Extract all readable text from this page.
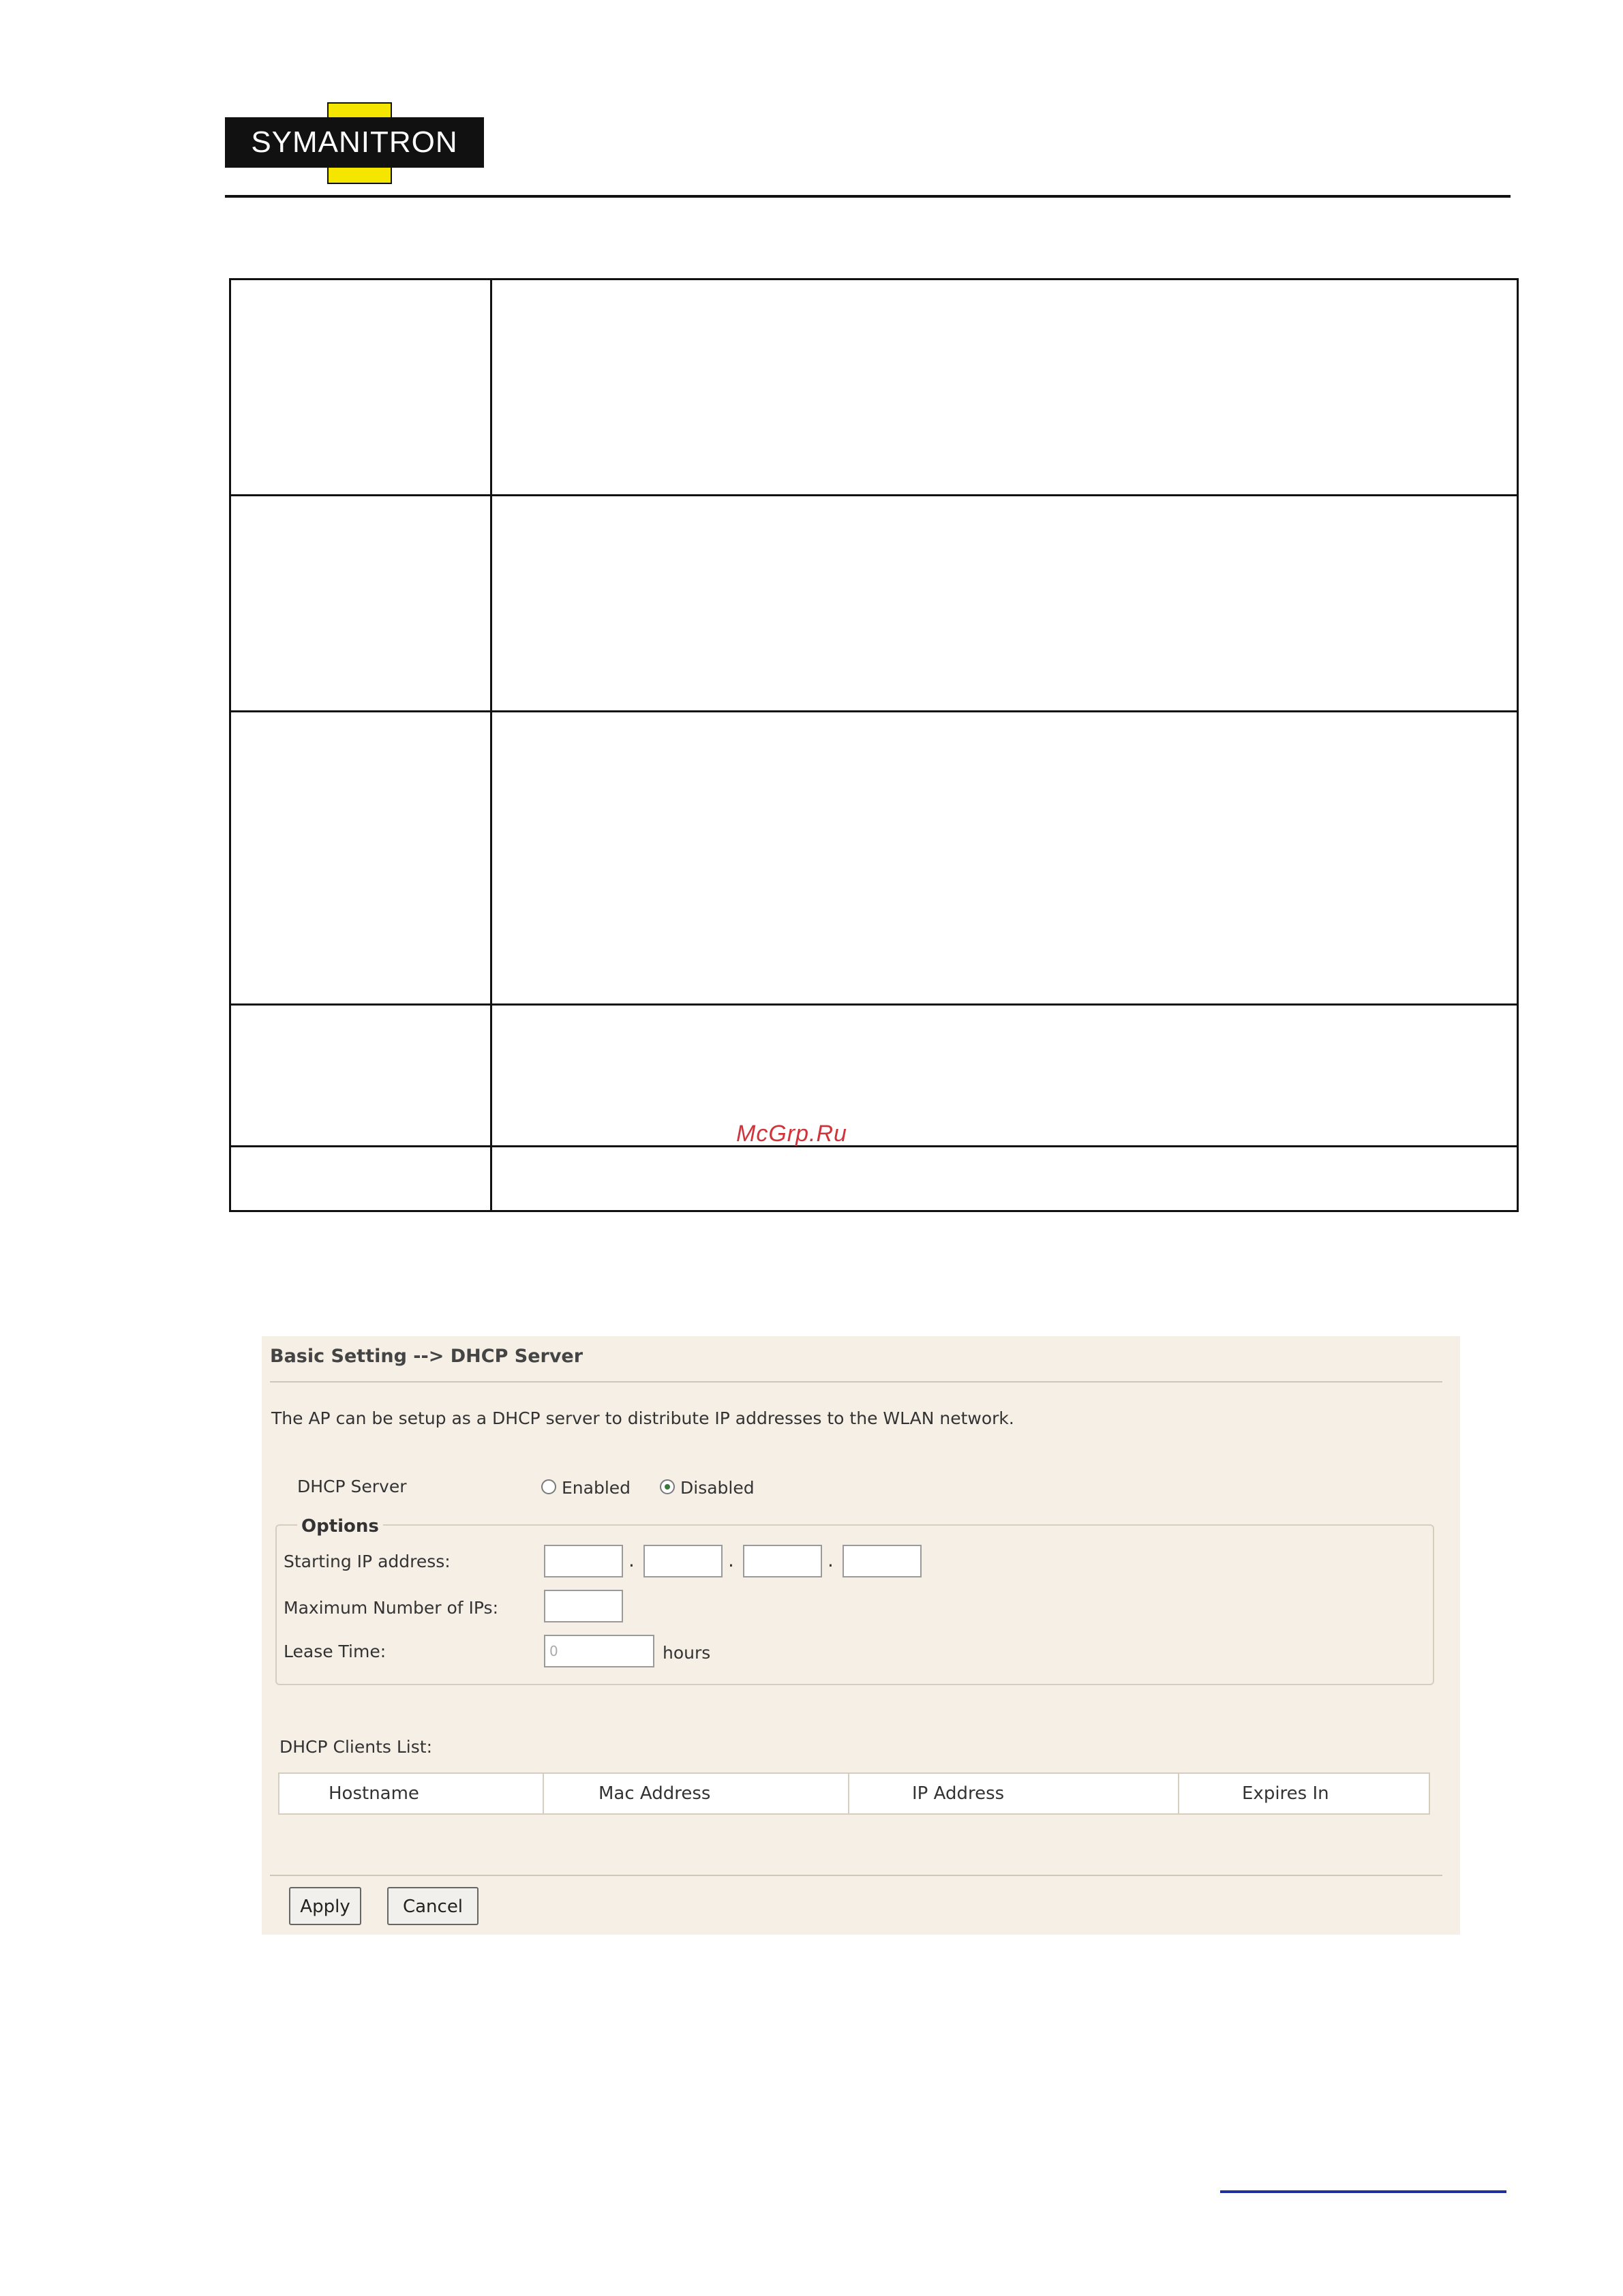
SYMANITRON

McGrp.Ru
Basic Setting --> DHCP Server
The AP can be setup as a DHCP server to distribute IP addresses to the WLAN network.
DHCP Server	Enabled	Disabled
Options
Starting IP address:	.	.	.
Maximum Number of IPs:
Lease Time:	0	hours
DHCP Clients List:
Hostname	Mac Address	IP Address	Expires In
Apply	Cancel
